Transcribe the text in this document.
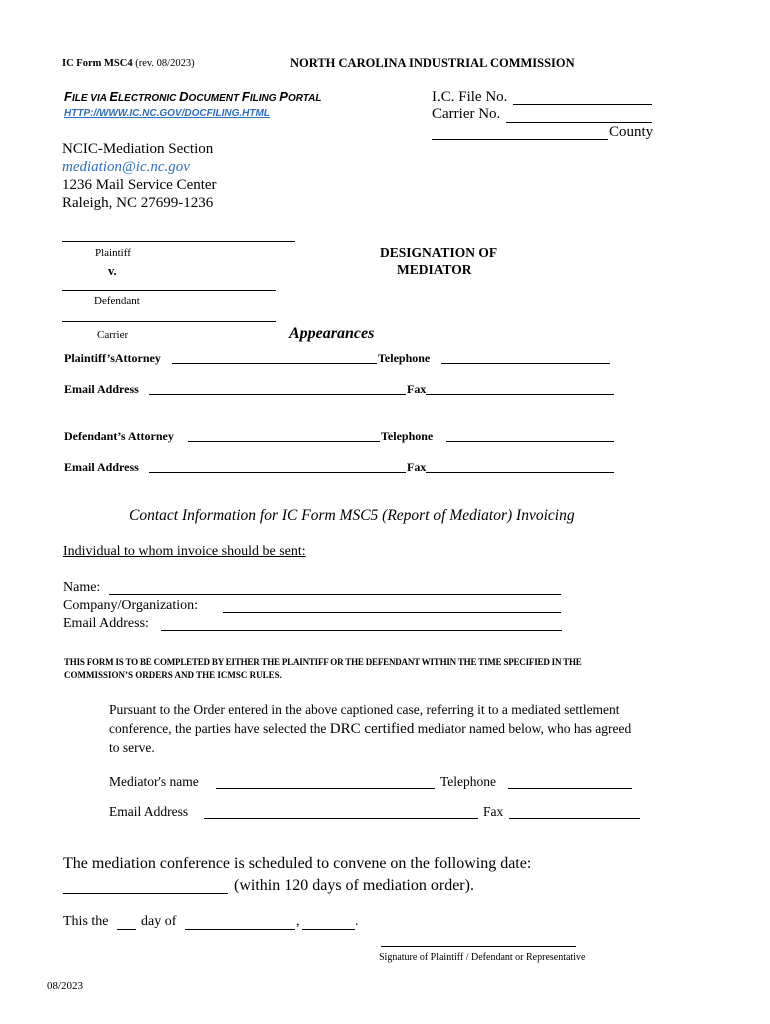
IC Form MSC4 (rev. 08/2023)	NORTH CAROLINA INDUSTRIAL COMMISSION
FILE VIA ELECTRONIC DOCUMENT FILING PORTAL
HTTP://WWW.IC.NC.GOV/DOCFILING.HTML
I.C. File No.
Carrier No.
County
NCIC-Mediation Section
mediation@ic.nc.gov
1236 Mail Service Center
Raleigh, NC 27699-1236
Plaintiff
v.
Defendant
Carrier
DESIGNATION OF
MEDIATOR
Appearances
Plaintiff’sAttorney	Telephone
Email Address	Fax
Defendant’s Attorney	Telephone
Email Address	Fax
Contact Information for IC Form MSC5 (Report of Mediator) Invoicing
Individual to whom invoice should be sent:
Name:
Company/Organization:
Email Address:
THIS FORM IS TO BE COMPLETED BY EITHER THE PLAINTIFF OR THE DEFENDANT WITHIN THE TIME SPECIFIED IN THE
COMMISSION’S ORDERS AND THE ICMSC RULES.
Pursuant to the Order entered in the above captioned case, referring it to a mediated settlement
conference, the parties have selected the DRC certified mediator named below, who has agreed
to serve.
Mediator's name	Telephone
Email Address	Fax
The mediation conference is scheduled to convene on the following date:
(within 120 days of mediation order).
This the day of	,	.
Signature of Plaintiff / Defendant or Representative
08/2023
